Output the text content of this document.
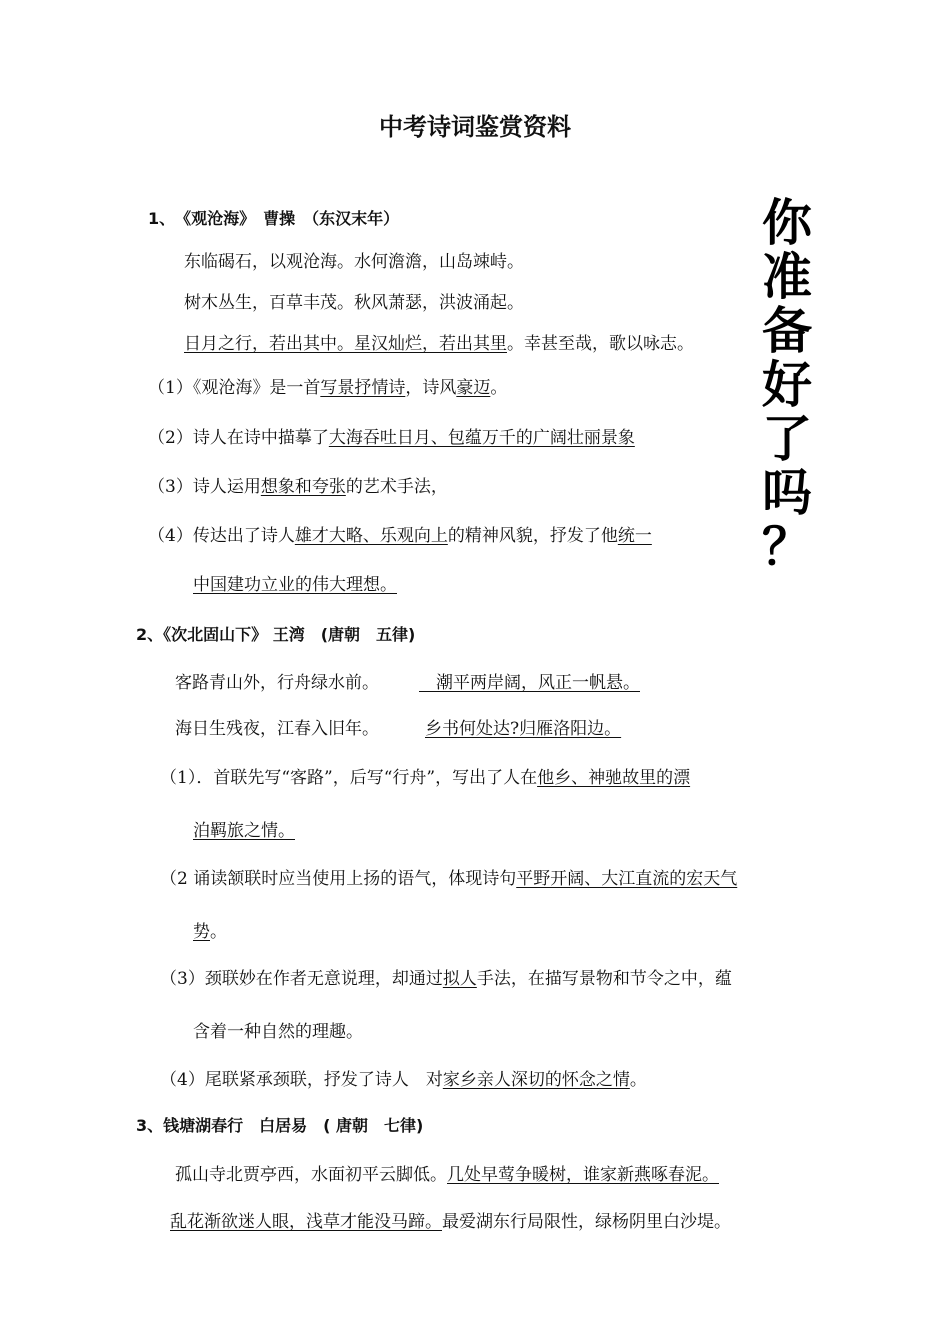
中考诗词鉴赏资料
你
准
备
好
了
吗
？
1、　《观沧海》　曹操　（东汉末年）
东临碣石，以观沧海。水何澹澹，山岛竦峙。
树木丛生，百草丰茂。秋风萧瑟，洪波涌起。
日月之行，若出其中。星汉灿烂，若出其里。幸甚至哉，歌以咏志。
（1）《观沧海》是一首写景抒情诗，诗风豪迈。
（2）诗人在诗中描摹了大海吞吐日月、包蕴万千的广阔壮丽景象
（3）诗人运用想象和夸张的艺术手法，
（4）传达出了诗人雄才大略、乐观向上的精神风貌，抒发了他统一
中国建功立业的伟大理想。
2、《次北固山下》 王湾　(唐朝　五律)
客路青山外，行舟绿水前。　潮平两岸阔，风正一帆悬。
海日生残夜，江春入旧年。	乡书何处达?归雁洛阳边。
（1）．首联先写“客路”，后写“行舟”，写出了人在他乡、神驰故里的漂
泊羁旅之情。
（2 诵读颔联时应当使用上扬的语气，体现诗句平野开阔、大江直流的宏天气
势。
（3）颈联妙在作者无意说理，却通过拟人手法，在描写景物和节令之中，蕴
含着一种自然的理趣。
（4）尾联紧承颈联，抒发了诗人　对家乡亲人深切的怀念之情。
3、钱塘湖春行　白居易　( 唐朝　七律)
孤山寺北贾亭西，水面初平云脚低。几处早莺争暖树，谁家新燕啄春泥。
乱花渐欲迷人眼，浅草才能没马蹄。最爱湖东行局限性，绿杨阴里白沙堤。
